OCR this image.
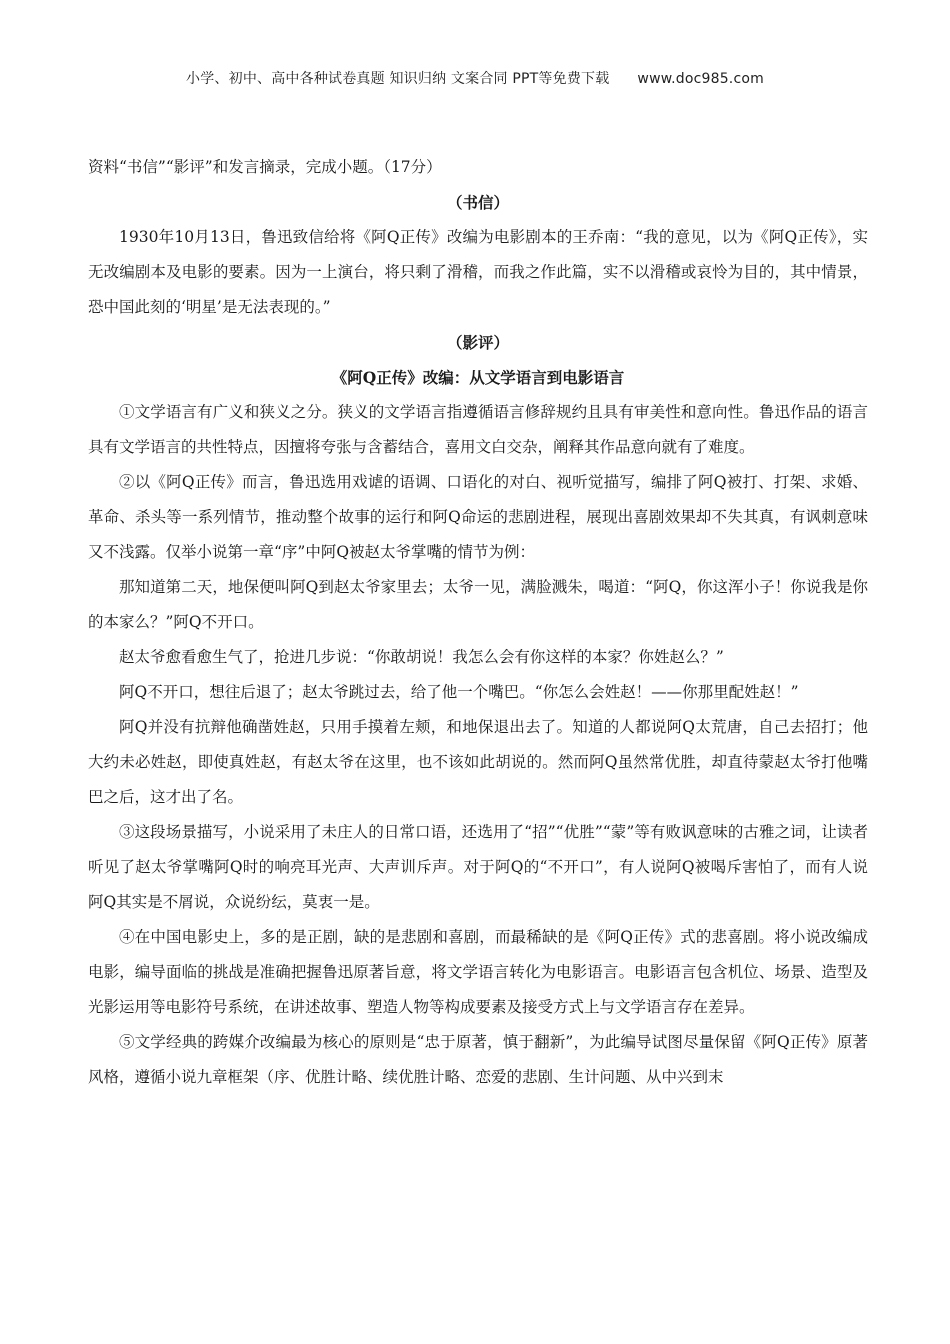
小学、初中、高中各种试卷真题 知识归纳 文案合同 PPT等免费下载 www.doc985.com

资料“书信”“影评”和发言摘录，完成小题。（17分）

（书信）

1930年10月13日，鲁迅致信给将《阿Q正传》改编为电影剧本的王乔南：“我的意见，以为《阿Q正传》，实无改编剧本及电影的要素。因为一上演台，将只剩了滑稽，而我之作此篇，实不以滑稽或哀怜为目的，其中情景，恐中国此刻的‘明星’是无法表现的。”

（影评）

《阿Q正传》改编：从文学语言到电影语言

①文学语言有广义和狭义之分。狭义的文学语言指遵循语言修辞规约且具有审美性和意向性。鲁迅作品的语言具有文学语言的共性特点，因擅将夸张与含蓄结合，喜用文白交杂，阐释其作品意向就有了难度。

②以《阿Q正传》而言，鲁迅选用戏谑的语调、口语化的对白、视听觉描写，编排了阿Q被打、打架、求婚、革命、杀头等一系列情节，推动整个故事的运行和阿Q命运的悲剧进程，展现出喜剧效果却不失其真，有讽刺意味又不浅露。仅举小说第一章“序”中阿Q被赵太爷掌嘴的情节为例：

那知道第二天，地保便叫阿Q到赵太爷家里去；太爷一见，满脸溅朱，喝道：“阿Q，你这浑小子！你说我是你的本家么？”阿Q不开口。

赵太爷愈看愈生气了，抢进几步说：“你敢胡说！我怎么会有你这样的本家？你姓赵么？”

阿Q不开口，想往后退了；赵太爷跳过去，给了他一个嘴巴。“你怎么会姓赵！——你那里配姓赵！”

阿Q并没有抗辩他确凿姓赵，只用手摸着左颊，和地保退出去了。知道的人都说阿Q太荒唐，自己去招打；他大约未必姓赵，即使真姓赵，有赵太爷在这里，也不该如此胡说的。然而阿Q虽然常优胜，却直待蒙赵太爷打他嘴巴之后，这才出了名。

③这段场景描写，小说采用了未庄人的日常口语，还选用了“招”“优胜”“蒙”等有败讽意味的古雅之词，让读者听见了赵太爷掌嘴阿Q时的响亮耳光声、大声训斥声。对于阿Q的“不开口”，有人说阿Q被喝斥害怕了，而有人说阿Q其实是不屑说，众说纷纭，莫衷一是。

④在中国电影史上，多的是正剧，缺的是悲剧和喜剧，而最稀缺的是《阿Q正传》式的悲喜剧。将小说改编成电影，编导面临的挑战是准确把握鲁迅原著旨意，将文学语言转化为电影语言。电影语言包含机位、场景、造型及光影运用等电影符号系统，在讲述故事、塑造人物等构成要素及接受方式上与文学语言存在差异。

⑤文学经典的跨媒介改编最为核心的原则是“忠于原著，慎于翻新”，为此编导试图尽量保留《阿Q正传》原著风格，遵循小说九章框架（序、优胜计略、续优胜计略、恋爱的悲剧、生计问题、从中兴到末
